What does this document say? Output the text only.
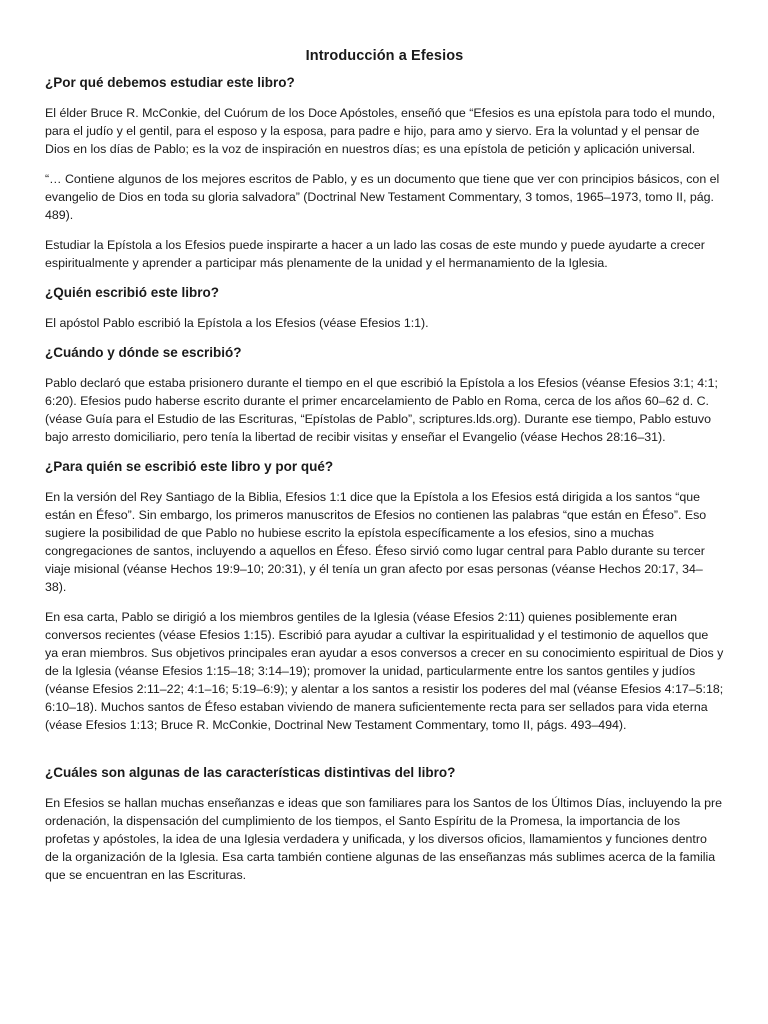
Introducción a Efesios
¿Por qué debemos estudiar este libro?

El élder Bruce R. McConkie, del Cuórum de los Doce Apóstoles, enseñó que “Efesios es una epístola para todo el mundo, para el judío y el gentil, para el esposo y la esposa, para padre e hijo, para amo y siervo. Era la voluntad y el pensar de Dios en los días de Pablo; es la voz de inspiración en nuestros días; es una epístola de petición y aplicación universal.

“… Contiene algunos de los mejores escritos de Pablo, y es un documento que tiene que ver con principios básicos, con el evangelio de Dios en toda su gloria salvadora” (Doctrinal New Testament Commentary, 3 tomos, 1965–1973, tomo II, pág. 489).

Estudiar la Epístola a los Efesios puede inspirarte a hacer a un lado las cosas de este mundo y puede ayudarte a crecer espiritualmente y aprender a participar más plenamente de la unidad y el hermanamiento de la Iglesia.

¿Quién escribió este libro?

El apóstol Pablo escribió la Epístola a los Efesios (véase Efesios 1:1).

¿Cuándo y dónde se escribió?

Pablo declaró que estaba prisionero durante el tiempo en el que escribió la Epístola a los Efesios (véanse Efesios 3:1; 4:1; 6:20). Efesios pudo haberse escrito durante el primer encarcelamiento de Pablo en Roma, cerca de los años 60–62 d. C. (véase Guía para el Estudio de las Escrituras, “Epístolas de Pablo”, scriptures.lds.org). Durante ese tiempo, Pablo estuvo bajo arresto domiciliario, pero tenía la libertad de recibir visitas y enseñar el Evangelio (véase Hechos 28:16–31).

¿Para quién se escribió este libro y por qué?

En la versión del Rey Santiago de la Biblia, Efesios 1:1 dice que la Epístola a los Efesios está dirigida a los santos “que están en Éfeso”. Sin embargo, los primeros manuscritos de Efesios no contienen las palabras “que están en Éfeso”. Eso sugiere la posibilidad de que Pablo no hubiese escrito la epístola específicamente a los efesios, sino a muchas congregaciones de santos, incluyendo a aquellos en Éfeso. Éfeso sirvió como lugar central para Pablo durante su tercer viaje misional (véanse Hechos 19:9–10; 20:31), y él tenía un gran afecto por esas personas (véanse Hechos 20:17, 34–38).

En esa carta, Pablo se dirigió a los miembros gentiles de la Iglesia (véase Efesios 2:11) quienes posiblemente eran conversos recientes (véase Efesios 1:15). Escribió para ayudar a cultivar la espiritualidad y el testimonio de aquellos que ya eran miembros. Sus objetivos principales eran ayudar a esos conversos a crecer en su conocimiento espiritual de Dios y de la Iglesia (véanse Efesios 1:15–18; 3:14–19); promover la unidad, particularmente entre los santos gentiles y judíos (véanse Efesios 2:11–22; 4:1–16; 5:19–6:9); y alentar a los santos a resistir los poderes del mal (véanse Efesios 4:17–5:18; 6:10–18). Muchos santos de Éfeso estaban viviendo de manera suficientemente recta para ser sellados para vida eterna (véase Efesios 1:13; Bruce R. McConkie, Doctrinal New Testament Commentary, tomo II, págs. 493–494).

¿Cuáles son algunas de las características distintivas del libro?

En Efesios se hallan muchas enseñanzas e ideas que son familiares para los Santos de los Últimos Días, incluyendo la pre ordenación, la dispensación del cumplimiento de los tiempos, el Santo Espíritu de la Promesa, la importancia de los profetas y apóstoles, la idea de una Iglesia verdadera y unificada, y los diversos oficios, llamamientos y funciones dentro de la organización de la Iglesia. Esa carta también contiene algunas de las enseñanzas más sublimes acerca de la familia que se encuentran en las Escrituras.
